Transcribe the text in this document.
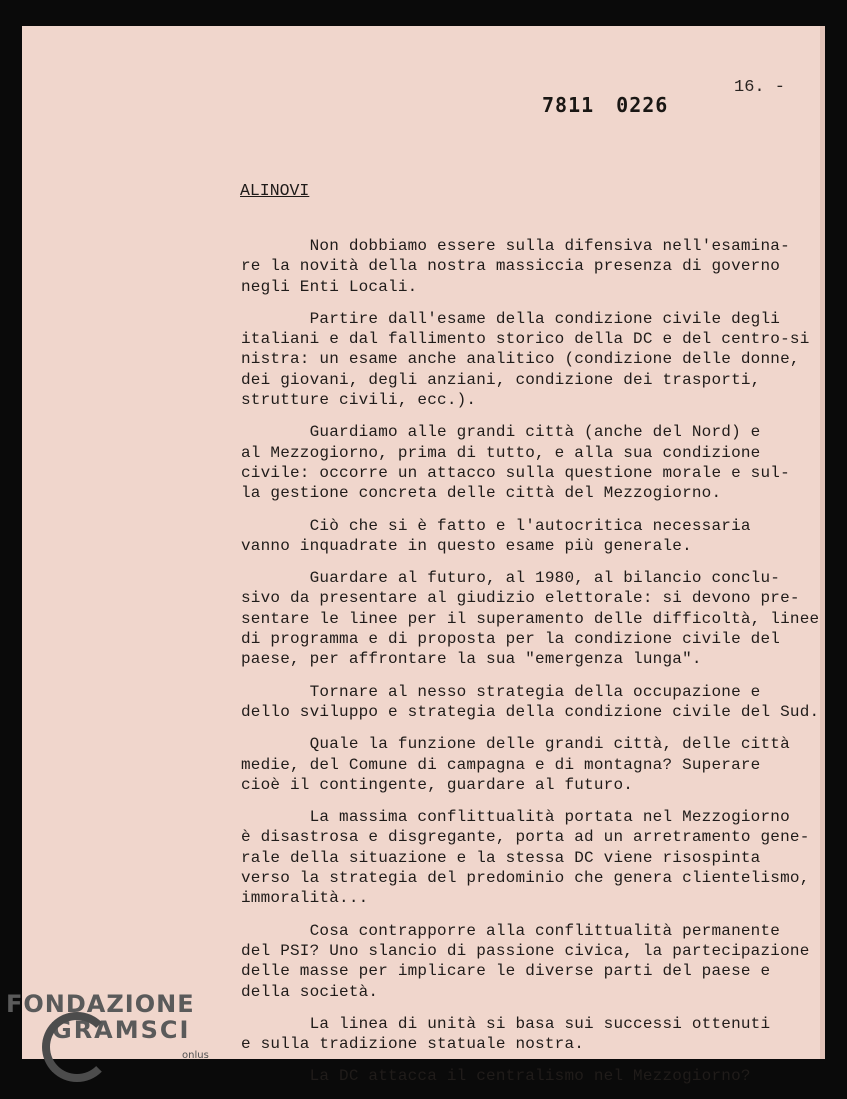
7811 0226
16. -
ALINOVI
Non dobbiamo essere sulla difensiva nell'esamina-
re la novità della nostra massiccia presenza di governo
negli Enti Locali.
Partire dall'esame della condizione civile degli
italiani e dal fallimento storico della DC e del centro-si
nistra: un esame anche analitico (condizione delle donne,
dei giovani, degli anziani, condizione dei trasporti,
strutture civili, ecc.).
Guardiamo alle grandi città (anche del Nord) e
al Mezzogiorno, prima di tutto, e alla sua condizione
civile: occorre un attacco sulla questione morale e sul-
la gestione concreta delle città del Mezzogiorno.
Ciò che si è fatto e l'autocritica necessaria
vanno inquadrate in questo esame più generale.
Guardare al futuro, al 1980, al bilancio conclu-
sivo da presentare al giudizio elettorale: si devono pre-
sentare le linee per il superamento delle difficoltà, linee
di programma e di proposta per la condizione civile del
paese, per affrontare la sua "emergenza lunga".
Tornare al nesso strategia della occupazione e
dello sviluppo e strategia della condizione civile del Sud.
Quale la funzione delle grandi città, delle città
medie, del Comune di campagna e di montagna? Superare
cioè il contingente, guardare al futuro.
La massima conflittualità portata nel Mezzogiorno
è disastrosa e disgregante, porta ad un arretramento gene-
rale della situazione e la stessa DC viene risospinta
verso la strategia del predominio che genera clientelismo,
immoralità...
Cosa contrapporre alla conflittualità permanente
del PSI? Uno slancio di passione civica, la partecipazione
delle masse per implicare le diverse parti del paese e
della società.
La linea di unità si basa sui successi ottenuti
e sulla tradizione statuale nostra.
La DC attacca il centralismo nel Mezzogiorno?
FONDAZIONE
GRAMSCI
onlus
